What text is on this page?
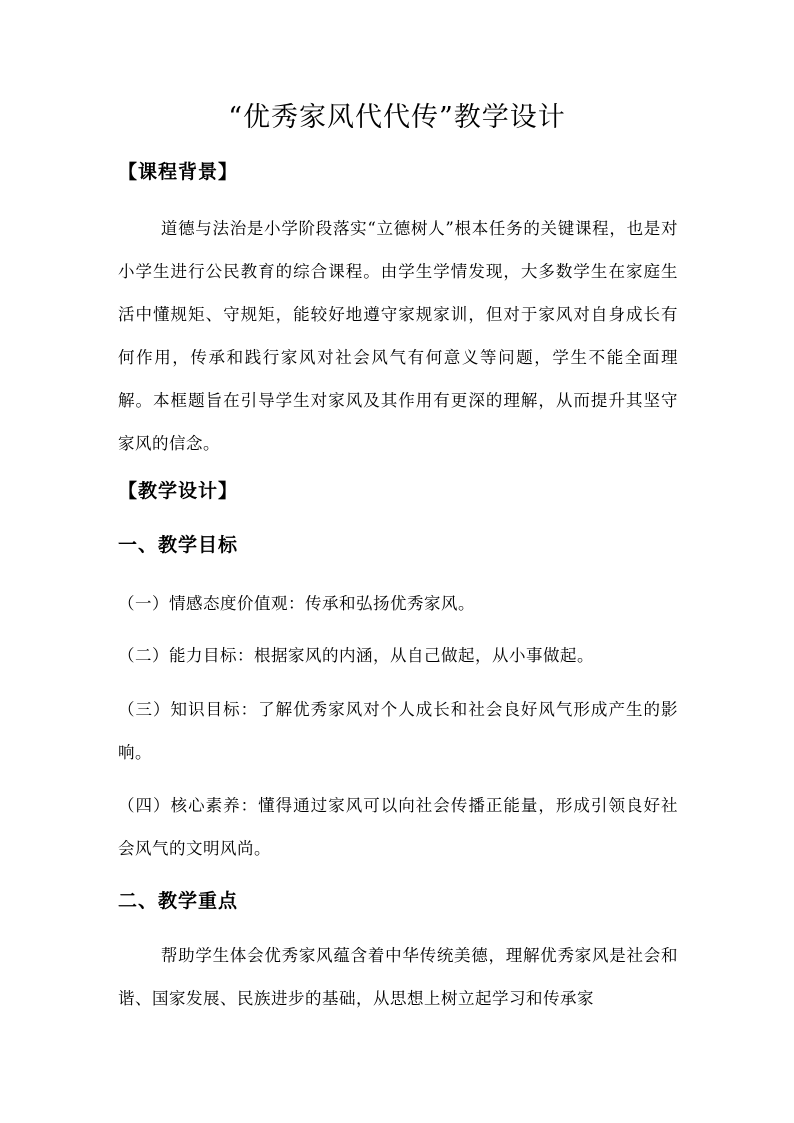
“优秀家风代代传”教学设计
【课程背景】
道德与法治是小学阶段落实“立德树人”根本任务的关键课程，也是对小学生进行公民教育的综合课程。由学生学情发现，大多数学生在家庭生活中懂规矩、守规矩，能较好地遵守家规家训，但对于家风对自身成长有何作用，传承和践行家风对社会风气有何意义等问题，学生不能全面理解。本框题旨在引导学生对家风及其作用有更深的理解，从而提升其坚守家风的信念。
【教学设计】
一、教学目标
（一）情感态度价值观：传承和弘扬优秀家风。
（二）能力目标：根据家风的内涵，从自己做起，从小事做起。
（三）知识目标：了解优秀家风对个人成长和社会良好风气形成产生的影响。
（四）核心素养：懂得通过家风可以向社会传播正能量，形成引领良好社会风气的文明风尚。
二、教学重点
帮助学生体会优秀家风蕴含着中华传统美德，理解优秀家风是社会和谐、国家发展、民族进步的基础，从思想上树立起学习和传承家
